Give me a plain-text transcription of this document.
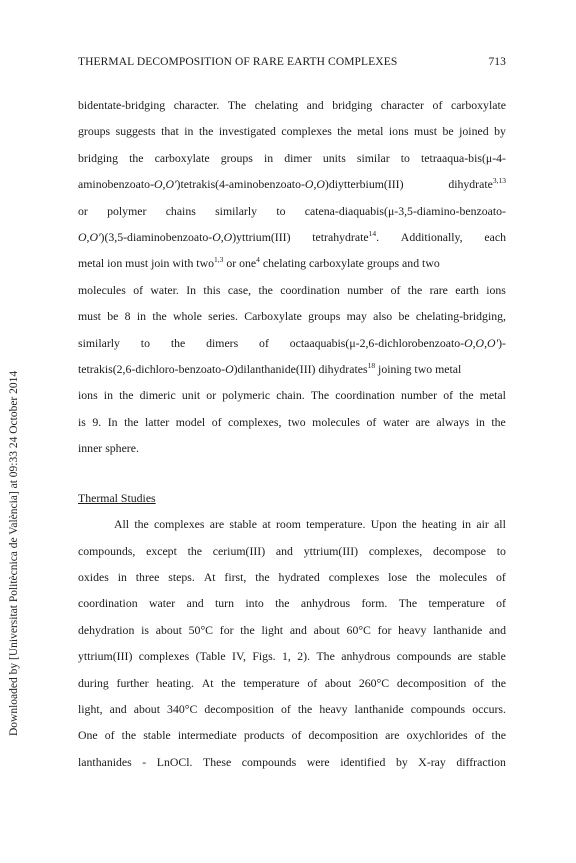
THERMAL DECOMPOSITION OF RARE EARTH COMPLEXES	713
Downloaded by [Universitat Politècnica de València] at 09:33 24 October 2014
bidentate-bridging character. The chelating and bridging character of carboxylate
groups suggests that in the investigated complexes the metal ions must be joined by
bridging the carboxylate groups in dimer units similar to tetraaqua-bis(μ-4-
aminobenzoato-O,O')tetrakis(4-aminobenzoato-O,O)diytterbium(III)	dihydrate$^{3,13}$
or polymer chains similarly to catena-diaquabis(μ-3,5-diamino-benzoato-
O,O')(3,5-diaminobenzoato-O,O)yttrium(III) tetrahydrate$^{14}$. Additionally, each
metal ion must join with two$^{1,3}$ or one$^4$ chelating carboxylate groups and two
molecules of water. In this case, the coordination number of the rare earth ions
must be 8 in the whole series. Carboxylate groups may also be chelating-bridging,
similarly to the dimers of octaaquabis(μ-2,6-dichlorobenzoato-O,O,O')-
tetrakis(2,6-dichloro-benzoato-O)dilanthanide(III) dihydrates$^{18}$ joining two metal
ions in the dimeric unit or polymeric chain. The coordination number of the metal
is 9. In the latter model of complexes, two molecules of water are always in the
inner sphere.
Thermal Studies
All the complexes are stable at room temperature. Upon the heating in air all
compounds, except the cerium(III) and yttrium(III) complexes, decompose to
oxides in three steps. At first, the hydrated complexes lose the molecules of
coordination water and turn into the anhydrous form. The temperature of
dehydration is about 50°C for the light and about 60°C for heavy lanthanide and
yttrium(III) complexes (Table IV, Figs. 1, 2). The anhydrous compounds are stable
during further heating. At the temperature of about 260°C decomposition of the
light, and about 340°C decomposition of the heavy lanthanide compounds occurs.
One of the stable intermediate products of decomposition are oxychlorides of the
lanthanides - LnOCl. These compounds were identified by X-ray diffraction
